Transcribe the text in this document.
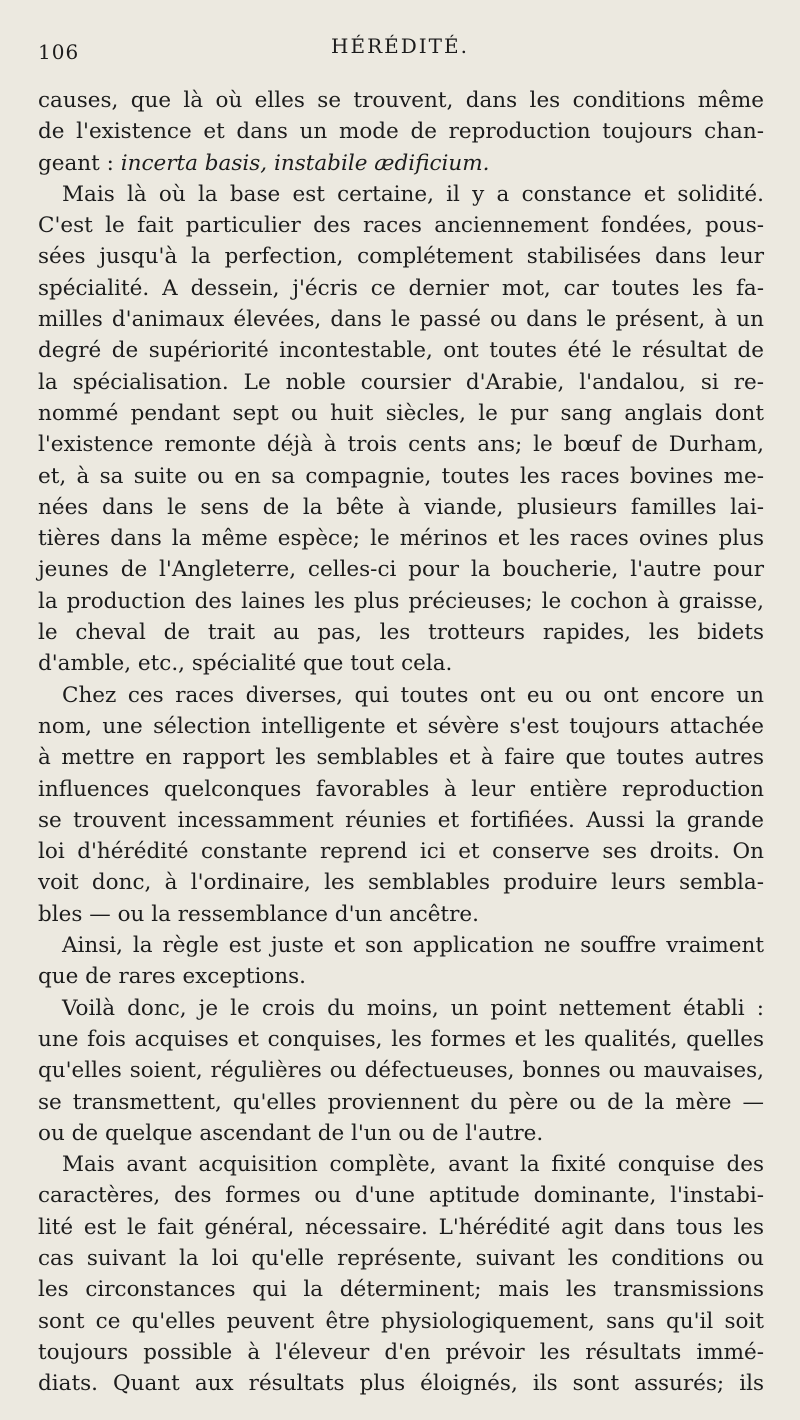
106	HÉRÉDITÉ.
causes, que là où elles se trouvent, dans les conditions même
de l'existence et dans un mode de reproduction toujours chan-
geant : incerta basis, instabile ædificium.
Mais là où la base est certaine, il y a constance et solidité.
C'est le fait particulier des races anciennement fondées, pous-
sées jusqu'à la perfection, complétement stabilisées dans leur
spécialité. A dessein, j'écris ce dernier mot, car toutes les fa-
milles d'animaux élevées, dans le passé ou dans le présent, à un
degré de supériorité incontestable, ont toutes été le résultat de
la spécialisation. Le noble coursier d'Arabie, l'andalou, si re-
nommé pendant sept ou huit siècles, le pur sang anglais dont
l'existence remonte déjà à trois cents ans; le bœuf de Durham,
et, à sa suite ou en sa compagnie, toutes les races bovines me-
nées dans le sens de la bête à viande, plusieurs familles lai-
tières dans la même espèce; le mérinos et les races ovines plus
jeunes de l'Angleterre, celles-ci pour la boucherie, l'autre pour
la production des laines les plus précieuses; le cochon à graisse,
le cheval de trait au pas, les trotteurs rapides, les bidets
d'amble, etc., spécialité que tout cela.
Chez ces races diverses, qui toutes ont eu ou ont encore un
nom, une sélection intelligente et sévère s'est toujours attachée
à mettre en rapport les semblables et à faire que toutes autres
influences quelconques favorables à leur entière reproduction
se trouvent incessamment réunies et fortifiées. Aussi la grande
loi d'hérédité constante reprend ici et conserve ses droits. On
voit donc, à l'ordinaire, les semblables produire leurs sembla-
bles — ou la ressemblance d'un ancêtre.
Ainsi, la règle est juste et son application ne souffre vraiment
que de rares exceptions.
Voilà donc, je le crois du moins, un point nettement établi :
une fois acquises et conquises, les formes et les qualités, quelles
qu'elles soient, régulières ou défectueuses, bonnes ou mauvaises,
se transmettent, qu'elles proviennent du père ou de la mère —
ou de quelque ascendant de l'un ou de l'autre.
Mais avant acquisition complète, avant la fixité conquise des
caractères, des formes ou d'une aptitude dominante, l'instabi-
lité est le fait général, nécessaire. L'hérédité agit dans tous les
cas suivant la loi qu'elle représente, suivant les conditions ou
les circonstances qui la déterminent; mais les transmissions
sont ce qu'elles peuvent être physiologiquement, sans qu'il soit
toujours possible à l'éleveur d'en prévoir les résultats immé-
diats. Quant aux résultats plus éloignés, ils sont assurés; ils
